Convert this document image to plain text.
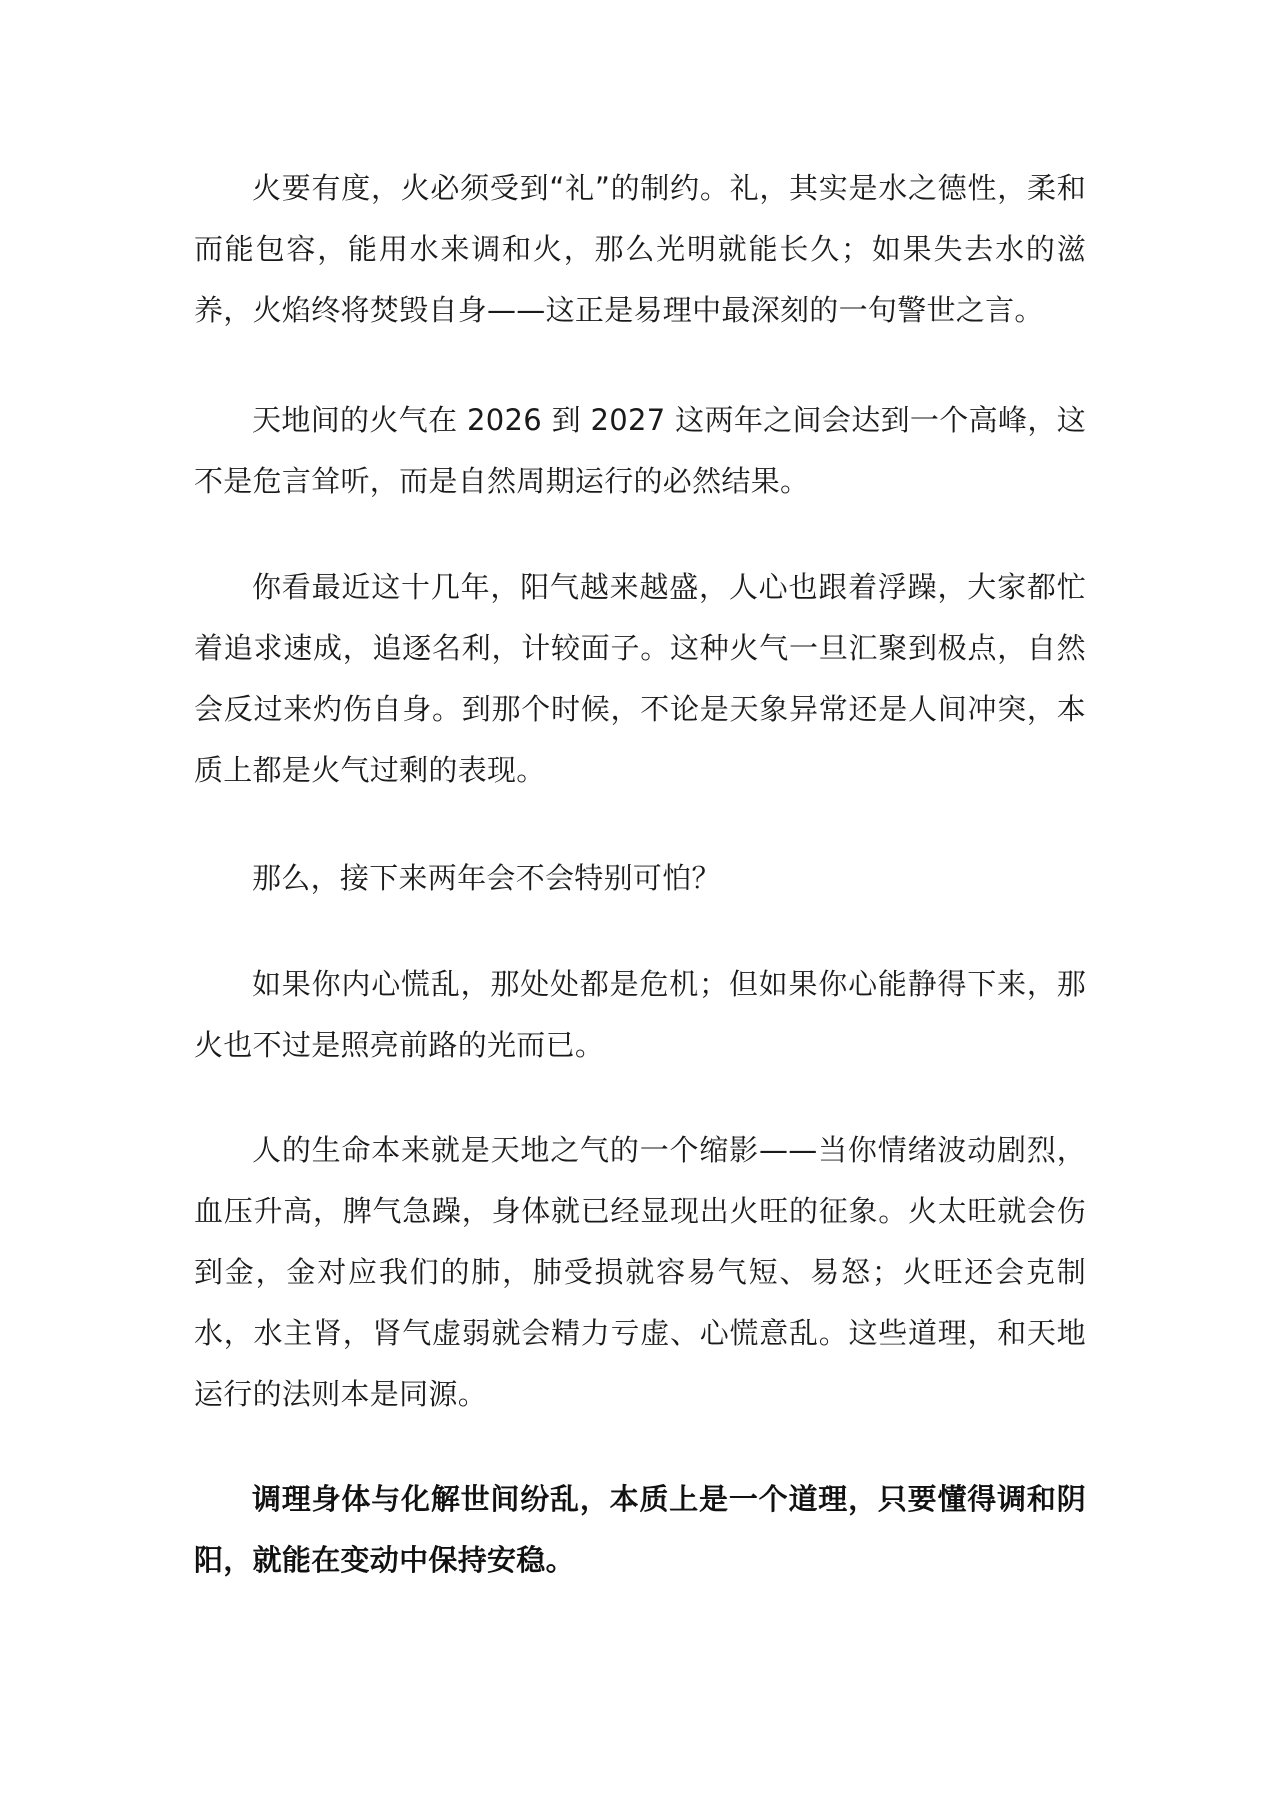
火要有度，火必须受到“礼”的制约。礼，其实是水之德性，柔和而能包容，能用水来调和火，那么光明就能长久；如果失去水的滋养，火焰终将焚毁自身——这正是易理中最深刻的一句警世之言。

天地间的火气在 2026 到 2027 这两年之间会达到一个高峰，这不是危言耸听，而是自然周期运行的必然结果。

你看最近这十几年，阳气越来越盛，人心也跟着浮躁，大家都忙着追求速成，追逐名利，计较面子。这种火气一旦汇聚到极点，自然会反过来灼伤自身。到那个时候，不论是天象异常还是人间冲突，本质上都是火气过剩的表现。

那么，接下来两年会不会特别可怕？

如果你内心慌乱，那处处都是危机；但如果你心能静得下来，那火也不过是照亮前路的光而已。

人的生命本来就是天地之气的一个缩影——当你情绪波动剧烈，血压升高，脾气急躁，身体就已经显现出火旺的征象。火太旺就会伤到金，金对应我们的肺，肺受损就容易气短、易怒；火旺还会克制水，水主肾，肾气虚弱就会精力亏虚、心慌意乱。这些道理，和天地运行的法则本是同源。

调理身体与化解世间纷乱，本质上是一个道理，只要懂得调和阴阳，就能在变动中保持安稳。
